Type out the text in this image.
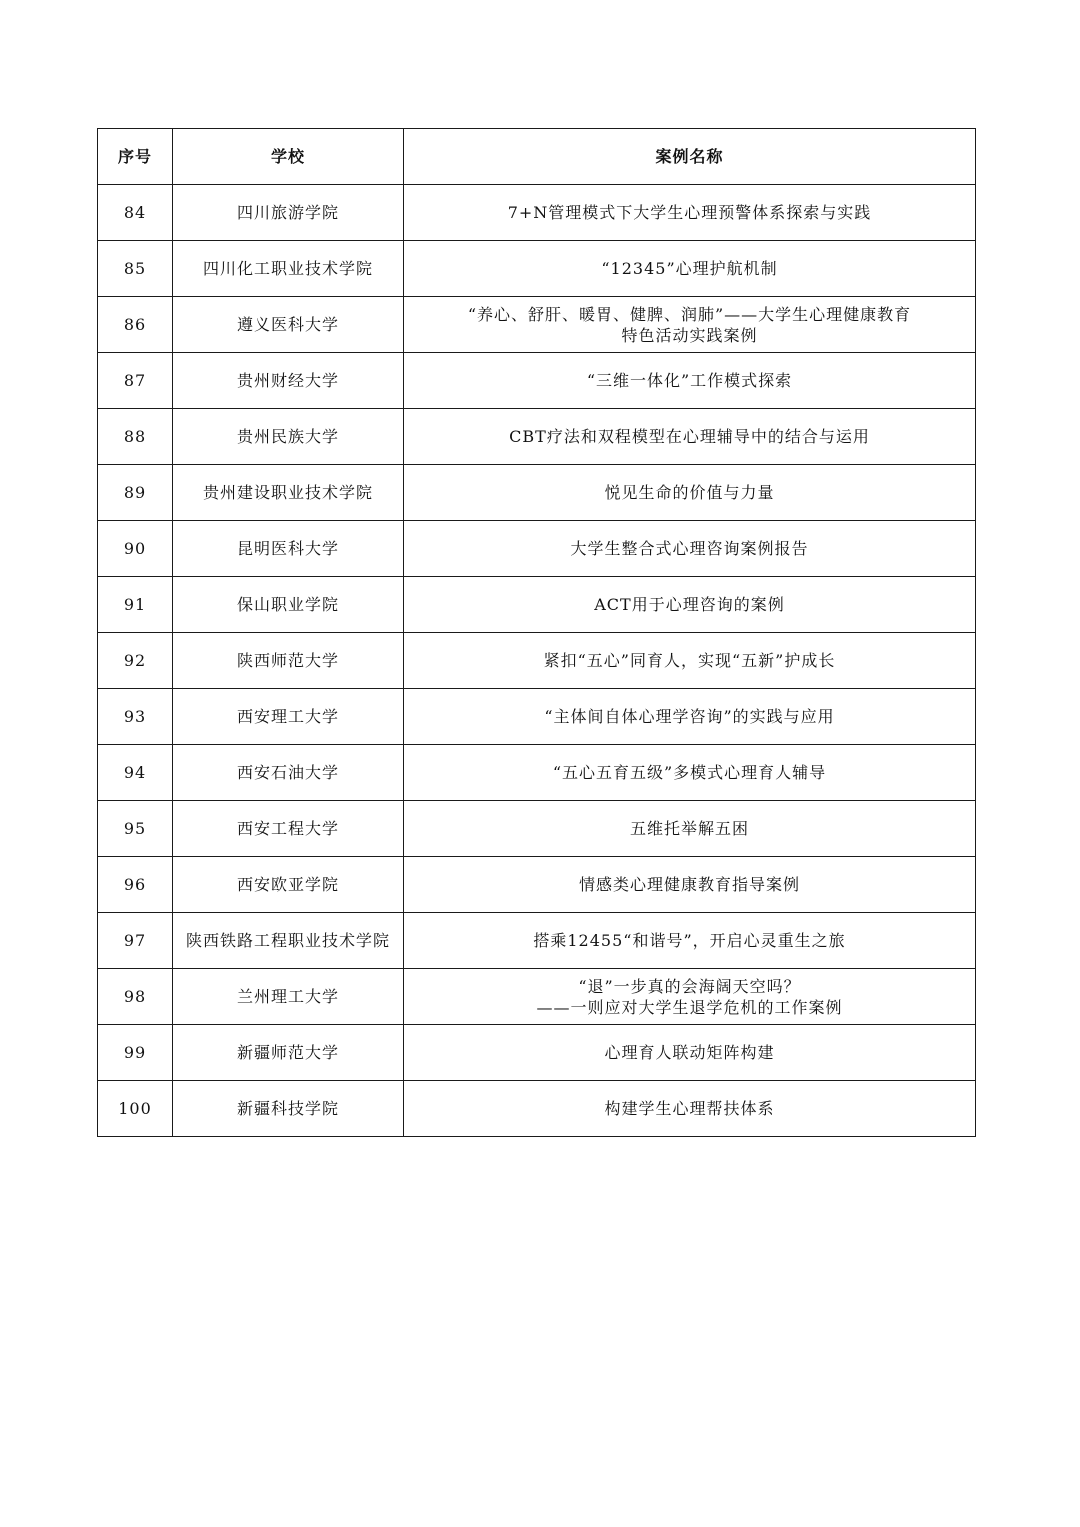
序号	学校	案例名称
84	四川旅游学院	7+N管理模式下大学生心理预警体系探索与实践

85	四川化工职业技术学院	“12345”心理护航机制

86	遵义医科大学	“养心、舒肝、暖胃、健脾、润肺”——大学生心理健康教育
特色活动实践案例

87	贵州财经大学	“三维一体化”工作模式探索

88	贵州民族大学	CBT疗法和双程模型在心理辅导中的结合与运用

89	贵州建设职业技术学院	悦见生命的价值与力量

90	昆明医科大学	大学生整合式心理咨询案例报告

91	保山职业学院	ACT用于心理咨询的案例

92	陕西师范大学	紧扣“五心”同育人，实现“五新”护成长

93	西安理工大学	“主体间自体心理学咨询”的实践与应用

94	西安石油大学	“五心五育五级”多模式心理育人辅导

95	西安工程大学	五维托举解五困

96	西安欧亚学院	情感类心理健康教育指导案例

97	陕西铁路工程职业技术学院	搭乘12455“和谐号”，开启心灵重生之旅

98	兰州理工大学	“退”一步真的会海阔天空吗？
——一则应对大学生退学危机的工作案例

99	新疆师范大学	心理育人联动矩阵构建

100	新疆科技学院	构建学生心理帮扶体系
